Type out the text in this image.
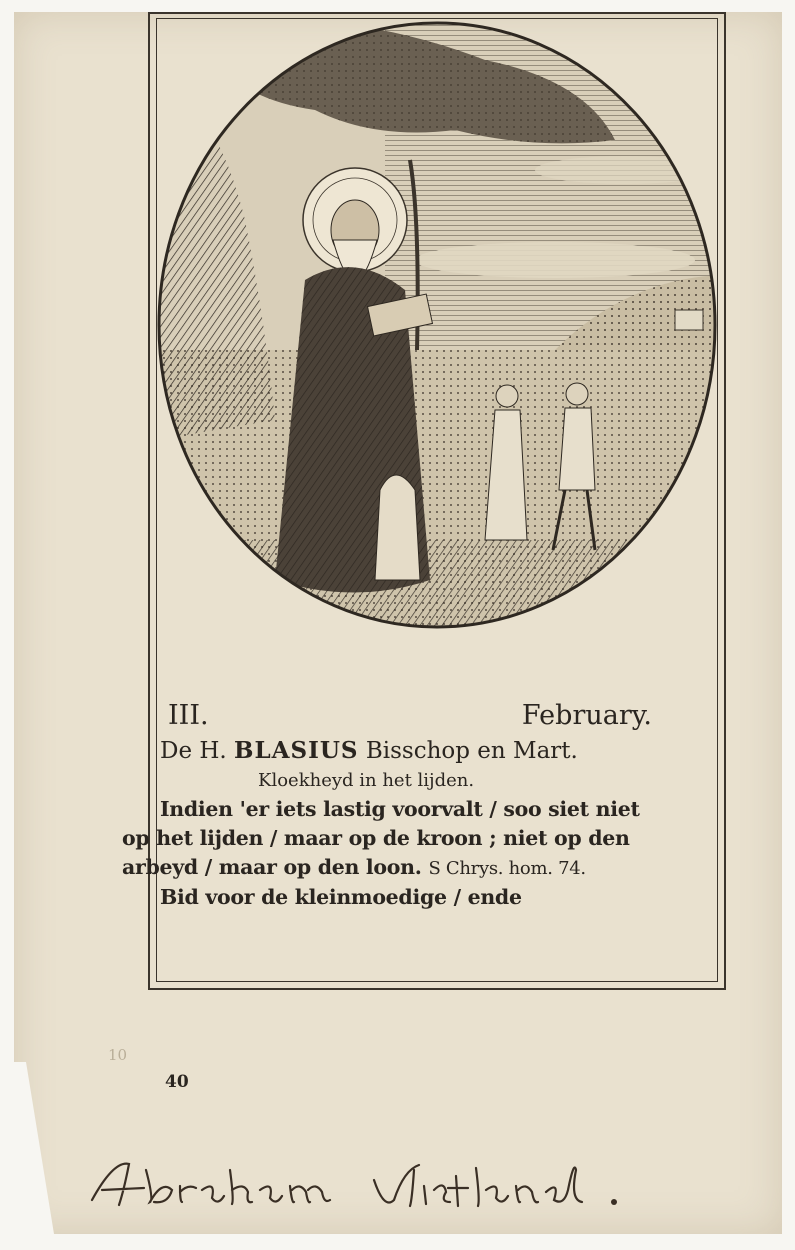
III.	February.
De H. BLASIUS Bisschop en Mart.
Kloekheyd in het lijden.
Indien 'er iets lastig voorvalt / soo siet niet
op het lijden / maar op de kroon ; niet op den
arbeyd / maar op den loon. S Chrys. hom. 74.
Bid voor de kleinmoedige / ende
10
40
